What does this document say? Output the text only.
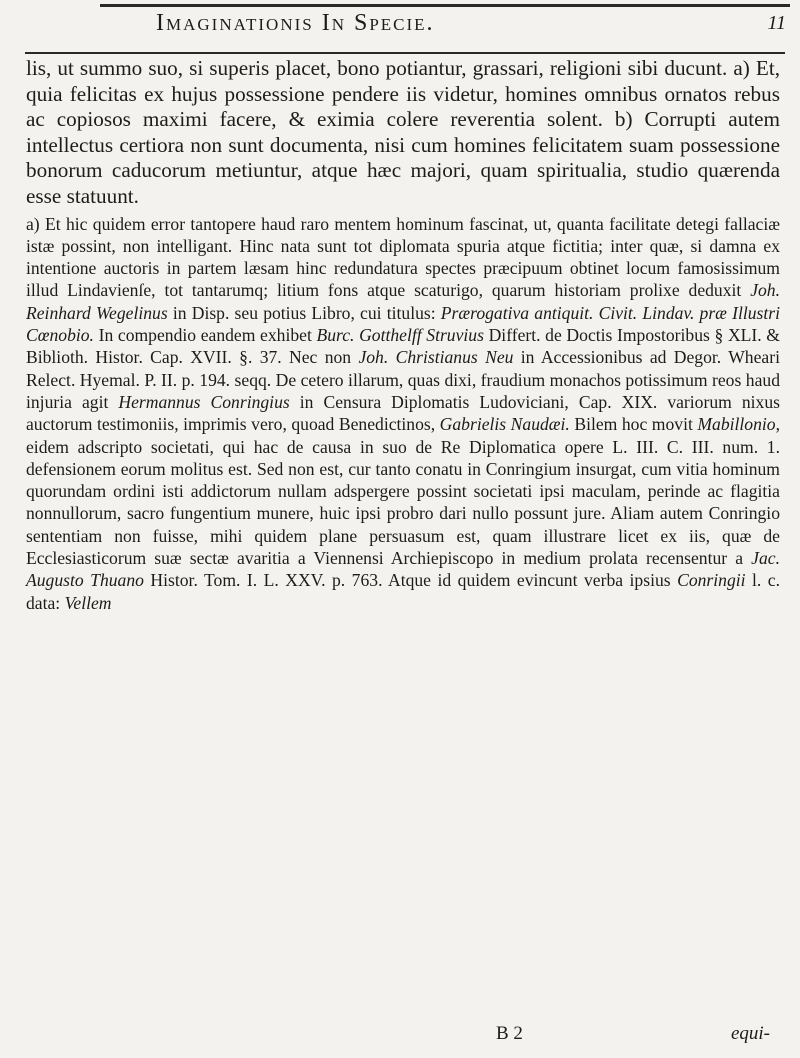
Imaginationis In Specie.	11

lis, ut summo suo, si superis placet, bono potiantur, grassari, religioni sibi ducunt. a) Et, quia felicitas ex hujus possessione pendere iis videtur, homines omnibus ornatos rebus ac copiosos maximi facere, & eximia colere reverentia solent. b) Corrupti autem intellectus certiora non sunt documenta, nisi cum homines felicitatem suam possessione bonorum caducorum metiuntur, atque hæc majori, quam spiritualia, studio quærenda esse statuunt.

a) Et hic quidem error tantopere haud raro mentem hominum fascinat, ut, quanta facilitate detegi fallaciæ istæ possint, non intelligant. Hinc nata sunt tot diplomata spuria atque fictitia; inter quæ, si damna ex intentione auctoris in partem læsam hinc redundatura spectes præcipuum obtinet locum famosissimum illud Lindavienſe, tot tantarumq; litium fons atque scaturigo, quarum historiam prolixe deduxit Joh. Reinhard Wegelinus in Disp. seu potius Libro, cui titulus: Prærogativa antiquit. Civit. Lindav. præ Illustri Cœnobio. In compendio eandem exhibet Burc. Gotthelff Struvius Differt. de Doctis Impostoribus § XLI. & Biblioth. Histor. Cap. XVII. §. 37. Nec non Joh. Christianus Neu in Accessionibus ad Degor. Wheari Relect. Hyemal. P. II. p. 194. seqq. De cetero illarum, quas dixi, fraudium monachos potissimum reos haud injuria agit Hermannus Conringius in Censura Diplomatis Ludoviciani, Cap. XIX. variorum nixus auctorum testimoniis, imprimis vero, quoad Benedictinos, Gabrielis Naudæi. Bilem hoc movit Mabillonio, eidem adscripto societati, qui hac de causa in suo de Re Diplomatica opere L. III. C. III. num. 1. defensionem eorum molitus est. Sed non est, cur tanto conatu in Conringium insurgat, cum vitia hominum quorundam ordini isti addictorum nullam adspergere possint societati ipsi maculam, perinde ac flagitia nonnullorum, sacro fungentium munere, huic ipsi probro dari nullo possunt jure. Aliam autem Conringio sententiam non fuisse, mihi quidem plane persuasum est, quam illustrare licet ex iis, quæ de Ecclesiasticorum suæ sectæ avaritia a Viennensi Archiepiscopo in medium prolata recensentur a Jac. Augusto Thuano Histor. Tom. I. L. XXV. p. 763. Atque id quidem evincunt verba ipsius Conringii l. c. data: Vellem
B 2	equi-
